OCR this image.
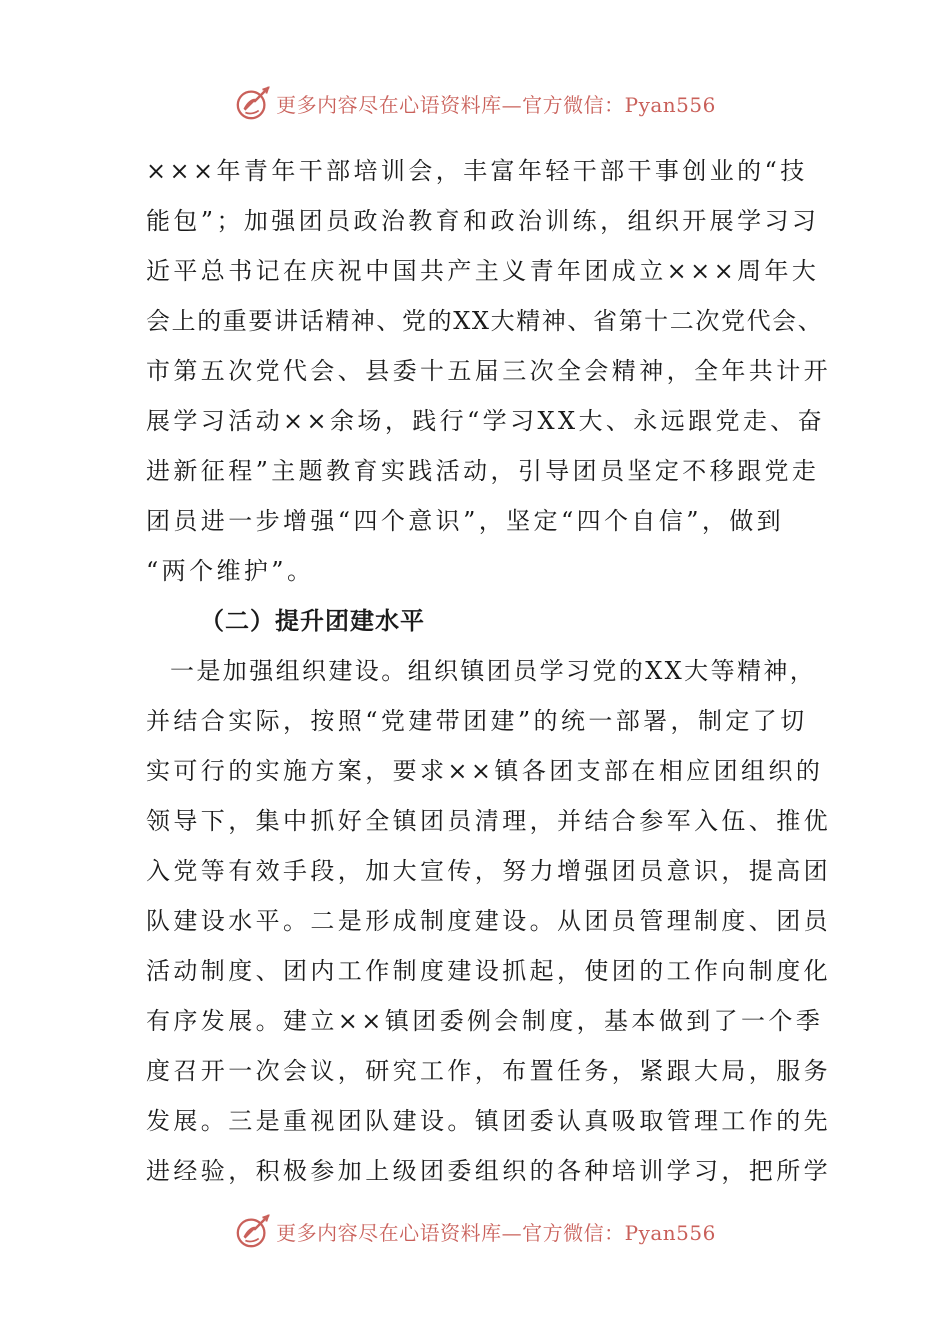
更多内容尽在心语资料库—官方微信：Pyan556
×××年青年干部培训会，丰富年轻干部干事创业的“技
能包”；加强团员政治教育和政治训练，组织开展学习习
近平总书记在庆祝中国共产主义青年团成立×××周年大
会上的重要讲话精神、党的XX大精神、省第十二次党代会、
市第五次党代会、县委十五届三次全会精神，全年共计开
展学习活动××余场，践行“学习XX大、永远跟党走、奋
进新征程”主题教育实践活动，引导团员坚定不移跟党走
团员进一步增强“四个意识”，坚定“四个自信”，做到
“两个维护”。
（二）提升团建水平
一是加强组织建设。组织镇团员学习党的XX大等精神，
并结合实际，按照“党建带团建”的统一部署，制定了切
实可行的实施方案，要求××镇各团支部在相应团组织的
领导下，集中抓好全镇团员清理，并结合参军入伍、推优
入党等有效手段，加大宣传，努力增强团员意识，提高团
队建设水平。二是形成制度建设。从团员管理制度、团员
活动制度、团内工作制度建设抓起，使团的工作向制度化
有序发展。建立××镇团委例会制度，基本做到了一个季
度召开一次会议，研究工作，布置任务，紧跟大局，服务
发展。三是重视团队建设。镇团委认真吸取管理工作的先
进经验，积极参加上级团委组织的各种培训学习，把所学
更多内容尽在心语资料库—官方微信：Pyan556
